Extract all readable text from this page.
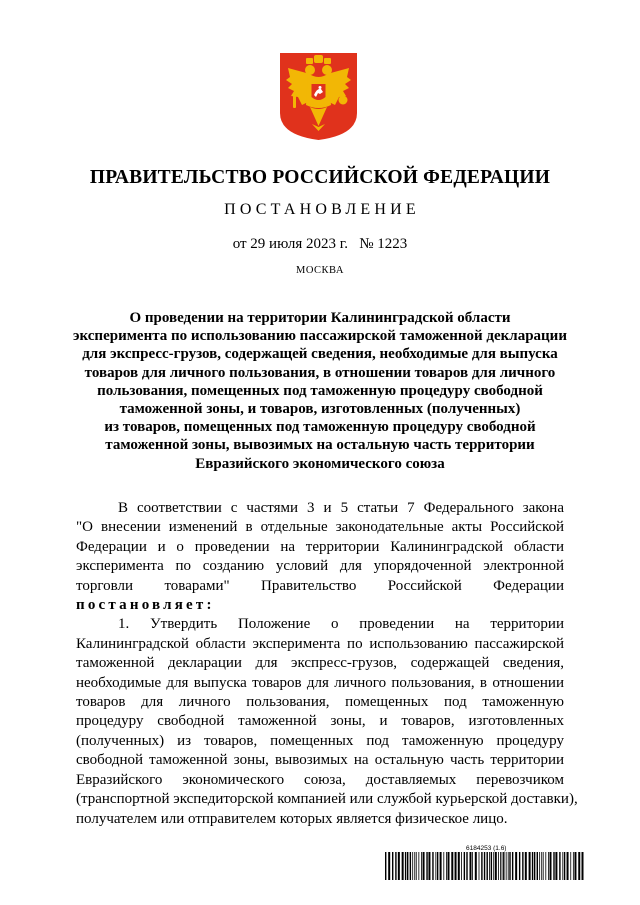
ПРАВИТЕЛЬСТВО РОССИЙСКОЙ ФЕДЕРАЦИИ
ПОСТАНОВЛЕНИЕ
от 29 июля 2023 г.   № 1223
МОСКВА
О проведении на территории Калининградской области
эксперимента по использованию пассажирской таможенной декларации
для экспресс-грузов, содержащей сведения, необходимые для выпуска
товаров для личного пользования, в отношении товаров для личного
пользования, помещенных под таможенную процедуру свободной
таможенной зоны, и товаров, изготовленных (полученных)
из товаров, помещенных под таможенную процедуру свободной
таможенной зоны, вывозимых на остальную часть территории
Евразийского экономического союза
В соответствии с частями 3 и 5 статьи 7 Федерального закона
"О внесении изменений в отдельные законодательные акты Российской
Федерации и о проведении на территории Калининградской области
эксперимента по созданию условий для упорядоченной электронной
торговли товарами" Правительство Российской Федерации
постановляет:
1. Утвердить Положение о проведении на территории
Калининградской области эксперимента по использованию пассажирской
таможенной декларации для экспресс-грузов, содержащей сведения,
необходимые для выпуска товаров для личного пользования, в отношении
товаров для личного пользования, помещенных под таможенную
процедуру свободной таможенной зоны, и товаров, изготовленных
(полученных) из товаров, помещенных под таможенную процедуру
свободной таможенной зоны, вывозимых на остальную часть территории
Евразийского экономического союза, доставляемых перевозчиком
(транспортной экспедиторской компанией или службой курьерской доставки),
получателем или отправителем которых является физическое лицо.
6184253 (1.6)
